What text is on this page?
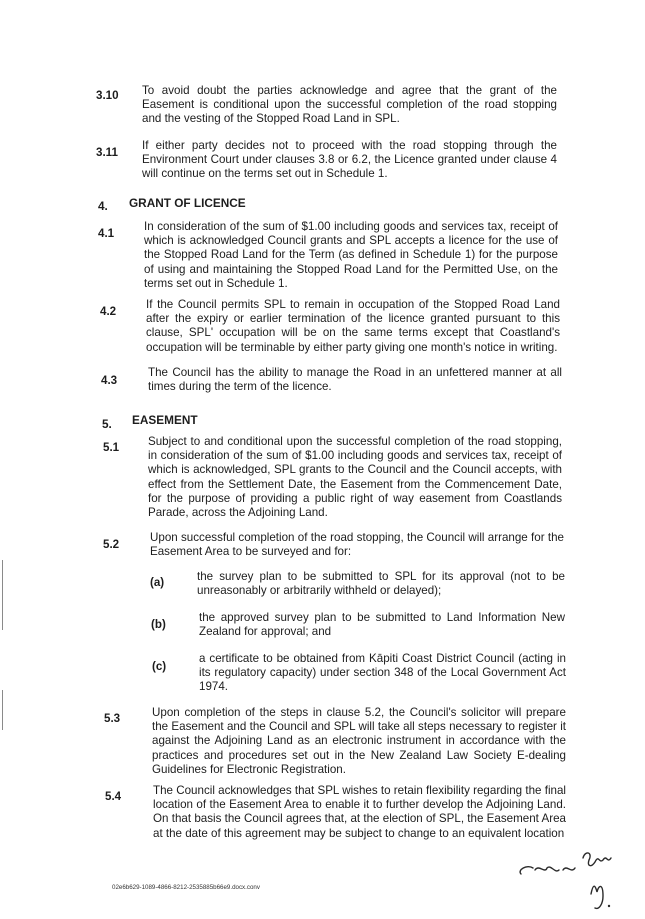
3.10 To avoid doubt the parties acknowledge and agree that the grant of the Easement is conditional upon the successful completion of the road stopping and the vesting of the Stopped Road Land in SPL.
3.11
If either party decides not to proceed with the road stopping through the Environment Court under clauses 3.8 or 6.2, the Licence granted under clause 4 will continue on the terms set out in Schedule 1.
4. GRANT OF LICENCE
4.1
In consideration of the sum of $1.00 including goods and services tax, receipt of which is acknowledged Council grants and SPL accepts a licence for the use of the Stopped Road Land for the Term (as defined in Schedule 1) for the purpose of using and maintaining the Stopped Road Land for the Permitted Use, on the terms set out in Schedule 1.
4.2
If the Council permits SPL to remain in occupation of the Stopped Road Land after the expiry or earlier termination of the licence granted pursuant to this clause, SPL' occupation will be on the same terms except that Coastland's occupation will be terminable by either party giving one month's notice in writing.
4.3
The Council has the ability to manage the Road in an unfettered manner at all times during the term of the licence.
5. EASEMENT
5.1 Subject to and conditional upon the successful completion of the road stopping, in consideration of the sum of $1.00 including goods and services tax, receipt of which is acknowledged, SPL grants to the Council and the Council accepts, with effect from the Settlement Date, the Easement from the Commencement Date, for the purpose of providing a public right of way easement from Coastlands Parade, across the Adjoining Land.
5.2
Upon successful completion of the road stopping, the Council will arrange for the Easement Area to be surveyed and for:
(a)	the survey plan to be submitted to SPL for its approval (not to be unreasonably or arbitrarily withheld or delayed);
(b)
the approved survey plan to be submitted to Land Information New Zealand for approval; and
(c)
a certificate to be obtained from Kāpiti Coast District Council (acting in its regulatory capacity) under section 348 of the Local Government Act 1974.
5.3	Upon completion of the steps in clause 5.2, the Council's solicitor will prepare the Easement and the Council and SPL will take all steps necessary to register it against the Adjoining Land as an electronic instrument in accordance with the practices and procedures set out in the New Zealand Law Society E-dealing Guidelines for Electronic Registration.
5.4	The Council acknowledges that SPL wishes to retain flexibility regarding the final location of the Easement Area to enable it to further develop the Adjoining Land. On that basis the Council agrees that, at the election of SPL, the Easement Area at the date of this agreement may be subject to change to an equivalent location
02e6b629-1089-4866-8212-2535885b66e9.docx.conv
